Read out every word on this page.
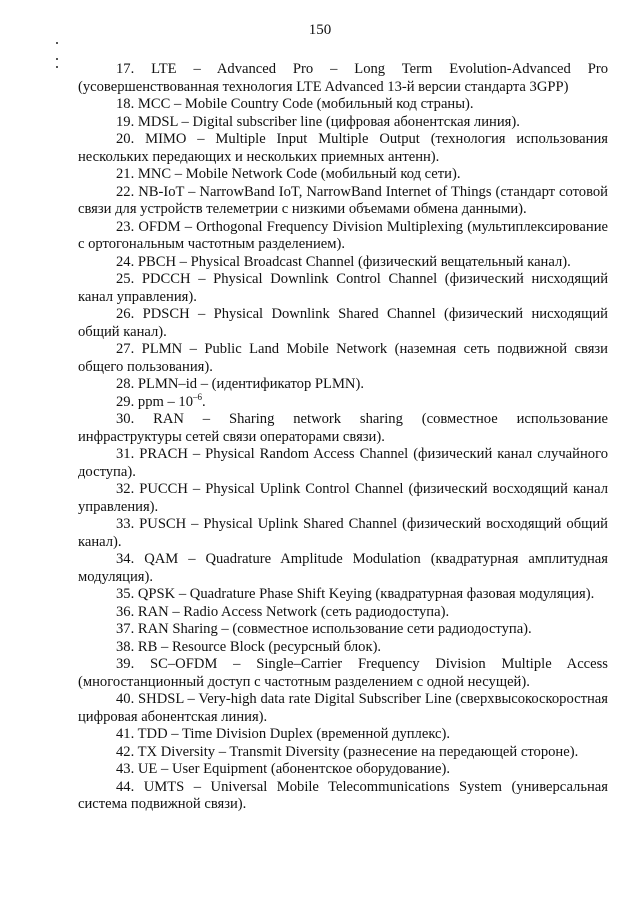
150

17. LTE – Advanced Pro – Long Term Evolution-Advanced Pro (усовершенствованная технология LTE Advanced 13-й версии стандарта 3GPP)

18. MCC – Mobile Country Code (мобильный код страны).

19. MDSL – Digital subscriber line (цифровая абонентская линия).

20. MIMO – Multiple Input Multiple Output (технология использования нескольких передающих и нескольких приемных антенн).

21. MNC – Mobile Network Code (мобильный код сети).

22. NB-IoT – NarrowBand IoT, NarrowBand Internet of Things (стандарт сотовой связи для устройств телеметрии с низкими объемами обмена данными).

23. OFDM – Orthogonal Frequency Division Multiplexing (мультиплексирование с ортогональным частотным разделением).

24. PBCH – Physical Broadcast Channel (физический вещательный канал).

25. PDCCH – Physical Downlink Control Channel (физический нисходящий канал управления).

26. PDSCH – Physical Downlink Shared Channel (физический нисходящий общий канал).

27. PLMN – Public Land Mobile Network (наземная сеть подвижной связи общего пользования).

28. PLMN–id – (идентификатор PLMN).

29. ppm – $10^{-6}$.

30. RAN – Sharing network sharing (совместное использование инфраструктуры сетей связи операторами связи).

31. PRACH – Physical Random Access Channel (физический канал случайного доступа).

32. PUCCH – Physical Uplink Control Channel (физический восходящий канал управления).

33. PUSCH – Physical Uplink Shared Channel (физический восходящий общий канал).

34. QAM – Quadrature Amplitude Modulation (квадратурная амплитудная модуляция).

35. QPSK – Quadrature Phase Shift Keying (квадратурная фазовая модуляция).

36. RAN – Radio Access Network (сеть радиодоступа).

37. RAN Sharing – (совместное использование сети радиодоступа).

38. RB – Resource Block (ресурсный блок).

39. SC–OFDM – Single–Carrier Frequency Division Multiple Access (многостанционный доступ с частотным разделением с одной несущей).

40. SHDSL – Very-high data rate Digital Subscriber Line (сверхвысокоскоростная цифровая абонентская линия).

41. TDD – Time Division Duplex (временной дуплекс).

42. TX Diversity – Transmit Diversity (разнесение на передающей стороне).

43. UE – User Equipment (абонентское оборудование).

44. UMTS – Universal Mobile Telecommunications System (универсальная система подвижной связи).
